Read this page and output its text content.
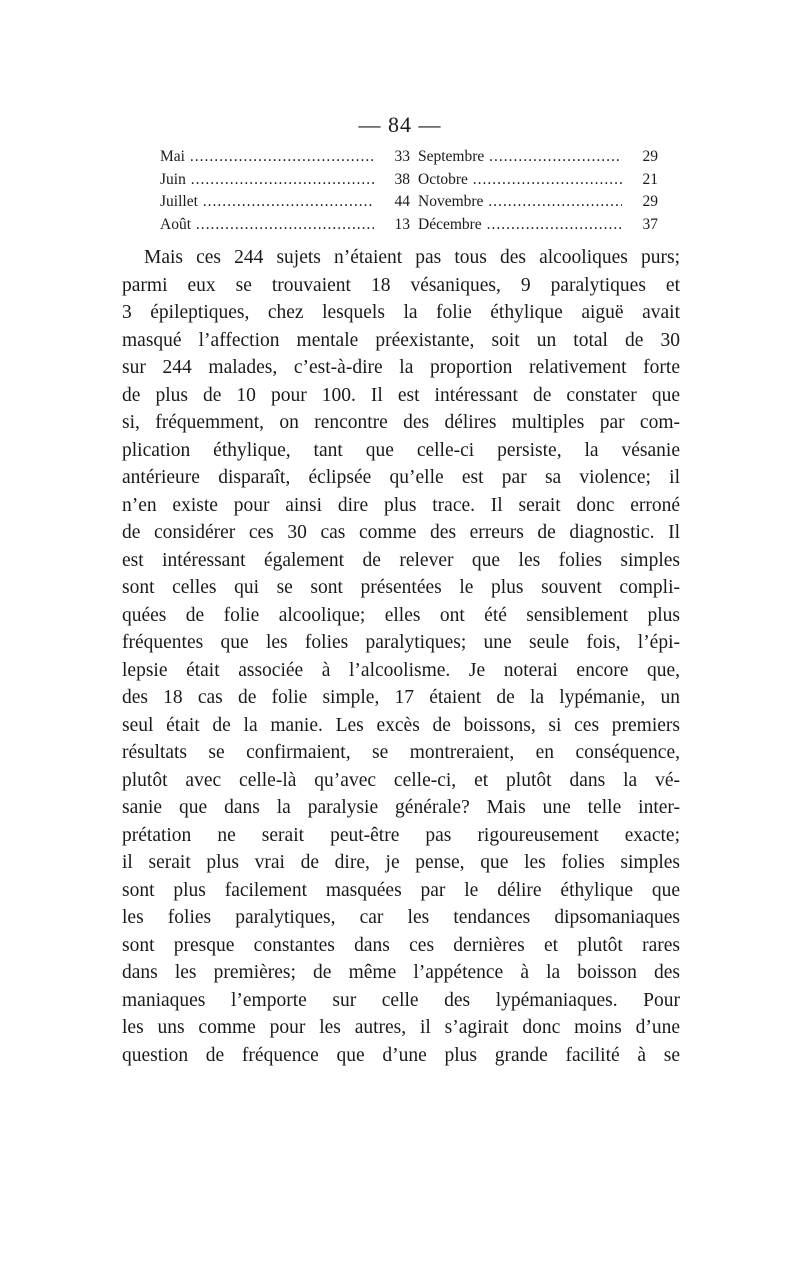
— 84 —
Mai .....	33 Septembre .....	29
Juin .....	38 Octobre .....	21
Juillet .....	44 Novembre .....	29
Août .....	13 Décembre .....	37
Mais ces 244 sujets n’étaient pas tous des alcooliques purs;
parmi eux se trouvaient 18 vésaniques, 9 paralytiques et
3 épileptiques, chez lesquels la folie éthylique aiguë avait
masqué l’affection mentale préexistante, soit un total de 30
sur 244 malades, c’est-à-dire la proportion relativement forte
de plus de 10 pour 100. Il est intéressant de constater que
si, fréquemment, on rencontre des délires multiples par com-
plication éthylique, tant que celle-ci persiste, la vésanie
antérieure disparaît, éclipsée qu’elle est par sa violence; il
n’en existe pour ainsi dire plus trace. Il serait donc erroné
de considérer ces 30 cas comme des erreurs de diagnostic. Il
est intéressant également de relever que les folies simples
sont celles qui se sont présentées le plus souvent compli-
quées de folie alcoolique; elles ont été sensiblement plus
fréquentes que les folies paralytiques; une seule fois, l’épi-
lepsie était associée à l’alcoolisme. Je noterai encore que,
des 18 cas de folie simple, 17 étaient de la lypémanie, un
seul était de la manie. Les excès de boissons, si ces premiers
résultats se confirmaient, se montreraient, en conséquence,
plutôt avec celle-là qu’avec celle-ci, et plutôt dans la vé-
sanie que dans la paralysie générale? Mais une telle inter-
prétation ne serait peut-être pas rigoureusement exacte;
il serait plus vrai de dire, je pense, que les folies simples
sont plus facilement masquées par le délire éthylique que
les folies paralytiques, car les tendances dipsomaniaques
sont presque constantes dans ces dernières et plutôt rares
dans les premières; de même l’appétence à la boisson des
maniaques l’emporte sur celle des lypémaniaques. Pour
les uns comme pour les autres, il s’agirait donc moins d’une
question de fréquence que d’une plus grande facilité à se
